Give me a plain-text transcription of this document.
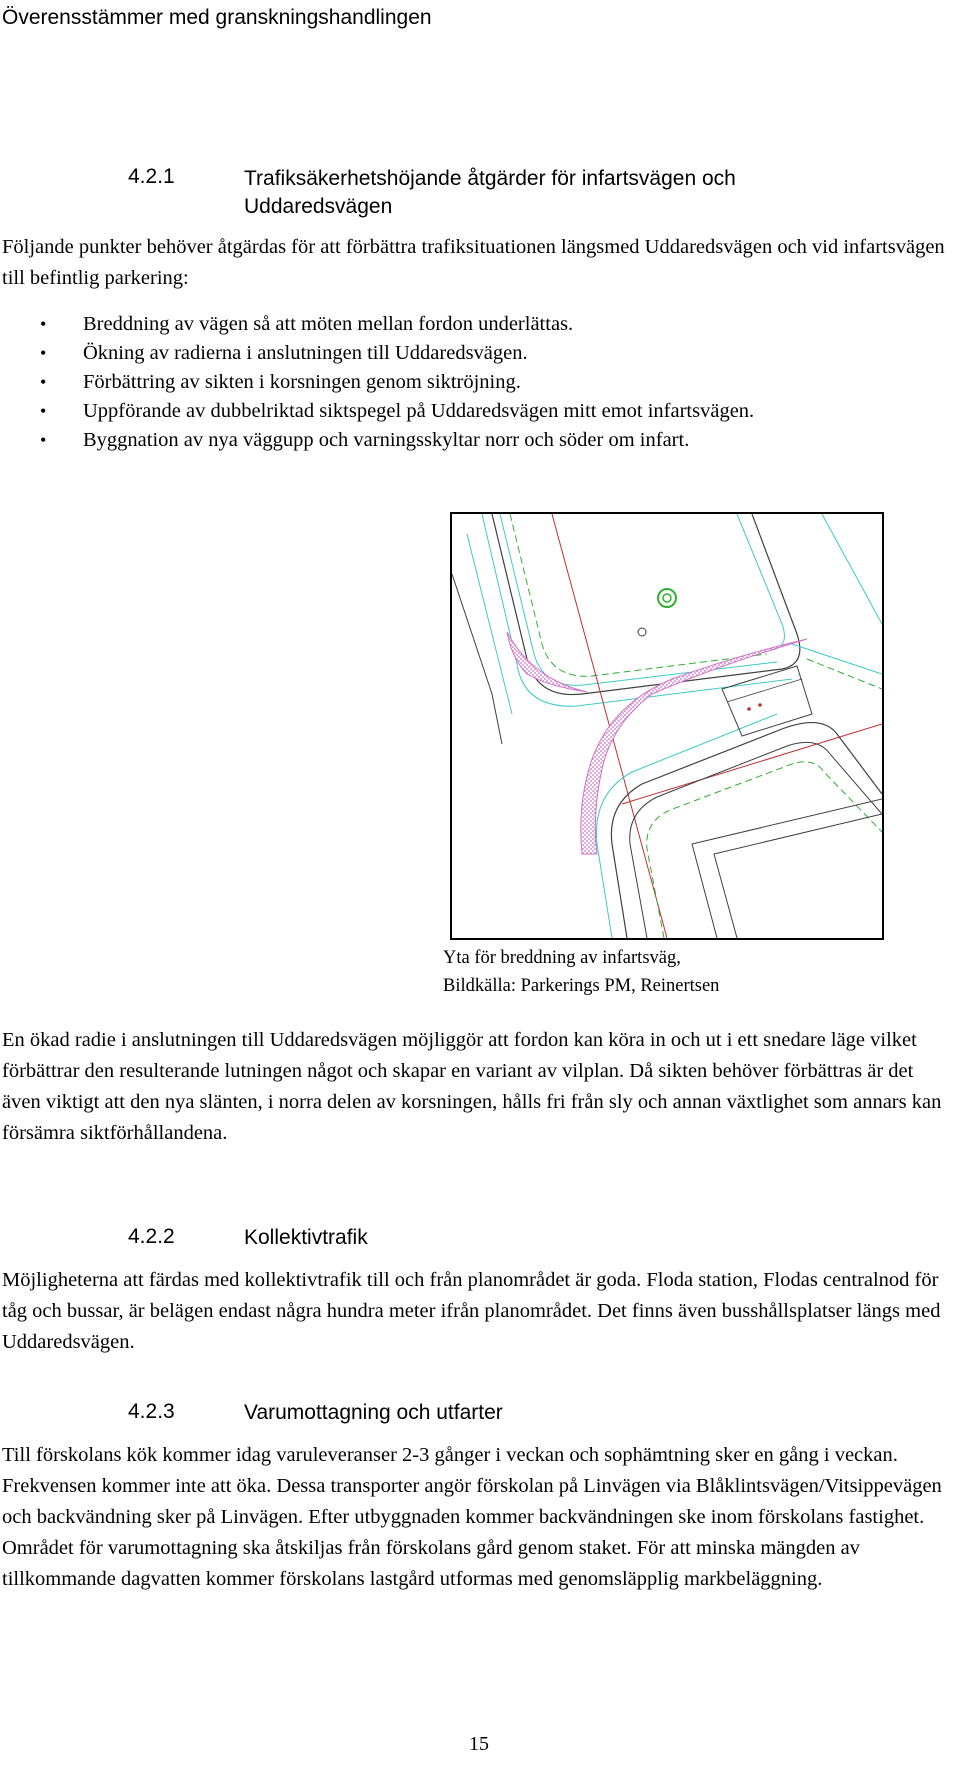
Överensstämmer med granskningshandlingen
4.2.1	Trafiksäkerhetshöjande åtgärder för infartsvägen och
Uddaredsvägen

Följande punkter behöver åtgärdas för att förbättra trafiksituationen längsmed Uddaredsvägen och vid infartsvägen till befintlig parkering:

• Breddning av vägen så att möten mellan fordon underlättas.
• Ökning av radierna i anslutningen till Uddaredsvägen.
• Förbättring av sikten i korsningen genom siktröjning.
• Uppförande av dubbelriktad siktspegel på Uddaredsvägen mitt emot infartsvägen.
• Byggnation av nya väggupp och varningsskyltar norr och söder om infart.
Yta för breddning av infartsväg,
Bildkälla: Parkerings PM, Reinertsen

En ökad radie i anslutningen till Uddaredsvägen möjliggör att fordon kan köra in och ut i ett snedare läge vilket förbättrar den resulterande lutningen något och skapar en variant av vilplan. Då sikten behöver förbättras är det även viktigt att den nya slänten, i norra delen av korsningen, hålls fri från sly och annan växtlighet som annars kan försämra siktförhållandena.

4.2.2	Kollektivtrafik

Möjligheterna att färdas med kollektivtrafik till och från planområdet är goda. Floda station, Flodas centralnod för tåg och bussar, är belägen endast några hundra meter ifrån planområdet. Det finns även busshållsplatser längs med Uddaredsvägen.

4.2.3	Varumottagning och utfarter

Till förskolans kök kommer idag varuleveranser 2-3 gånger i veckan och sophämtning sker en gång i veckan. Frekvensen kommer inte att öka. Dessa transporter angör förskolan på Linvägen via Blåklintsvägen/Vitsippevägen och backvändning sker på Linvägen. Efter utbyggnaden kommer backvändningen ske inom förskolans fastighet. Området för varumottagning ska åtskiljas från förskolans gård genom staket. För att minska mängden av tillkommande dagvatten kommer förskolans lastgård utformas med genomsläpplig markbeläggning.

15
